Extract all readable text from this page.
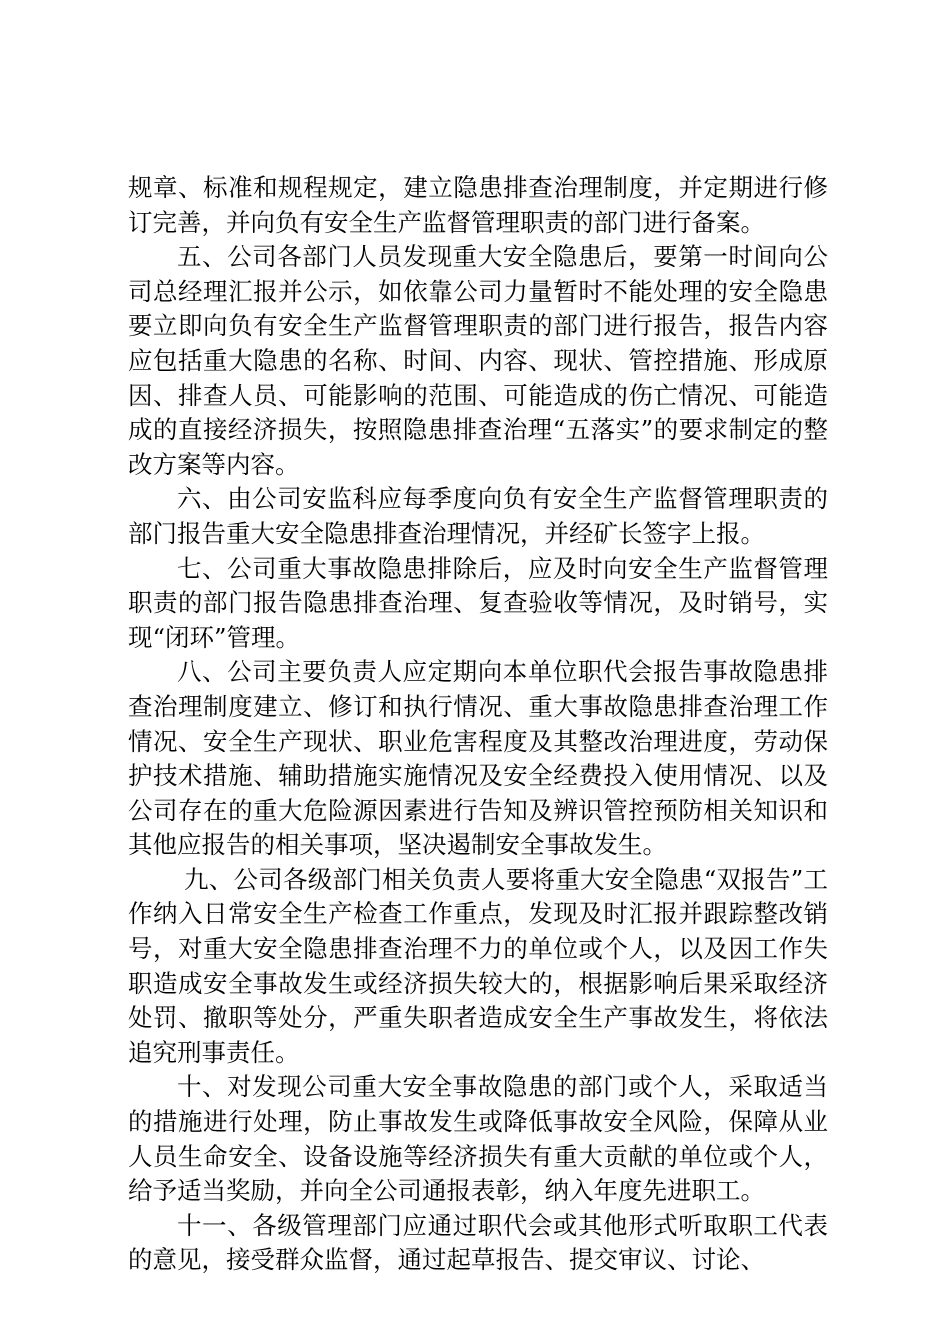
规章、标准和规程规定，建立隐患排查治理制度，并定期进行修订完善，并向负有安全生产监督管理职责的部门进行备案。

五、公司各部门人员发现重大安全隐患后，要第一时间向公司总经理汇报并公示，如依靠公司力量暂时不能处理的安全隐患要立即向负有安全生产监督管理职责的部门进行报告，报告内容应包括重大隐患的名称、时间、内容、现状、管控措施、形成原因、排查人员、可能影响的范围、可能造成的伤亡情况、可能造成的直接经济损失，按照隐患排查治理“五落实”的要求制定的整改方案等内容。

六、由公司安监科应每季度向负有安全生产监督管理职责的部门报告重大安全隐患排查治理情况，并经矿长签字上报。

七、公司重大事故隐患排除后，应及时向安全生产监督管理职责的部门报告隐患排查治理、复查验收等情况，及时销号，实现“闭环”管理。

八、公司主要负责人应定期向本单位职代会报告事故隐患排查治理制度建立、修订和执行情况、重大事故隐患排查治理工作情况、安全生产现状、职业危害程度及其整改治理进度，劳动保护技术措施、辅助措施实施情况及安全经费投入使用情况、以及公司存在的重大危险源因素进行告知及辨识管控预防相关知识和其他应报告的相关事项，坚决遏制安全事故发生。

九、公司各级部门相关负责人要将重大安全隐患“双报告”工作纳入日常安全生产检查工作重点，发现及时汇报并跟踪整改销号，对重大安全隐患排查治理不力的单位或个人，以及因工作失职造成安全事故发生或经济损失较大的，根据影响后果采取经济处罚、撤职等处分，严重失职者造成安全生产事故发生，将依法追究刑事责任。

十、对发现公司重大安全事故隐患的部门或个人，采取适当的措施进行处理，防止事故发生或降低事故安全风险，保障从业人员生命安全、设备设施等经济损失有重大贡献的单位或个人，给予适当奖励，并向全公司通报表彰，纳入年度先进职工。

十一、各级管理部门应通过职代会或其他形式听取职工代表的意见，接受群众监督，通过起草报告、提交审议、讨论、
